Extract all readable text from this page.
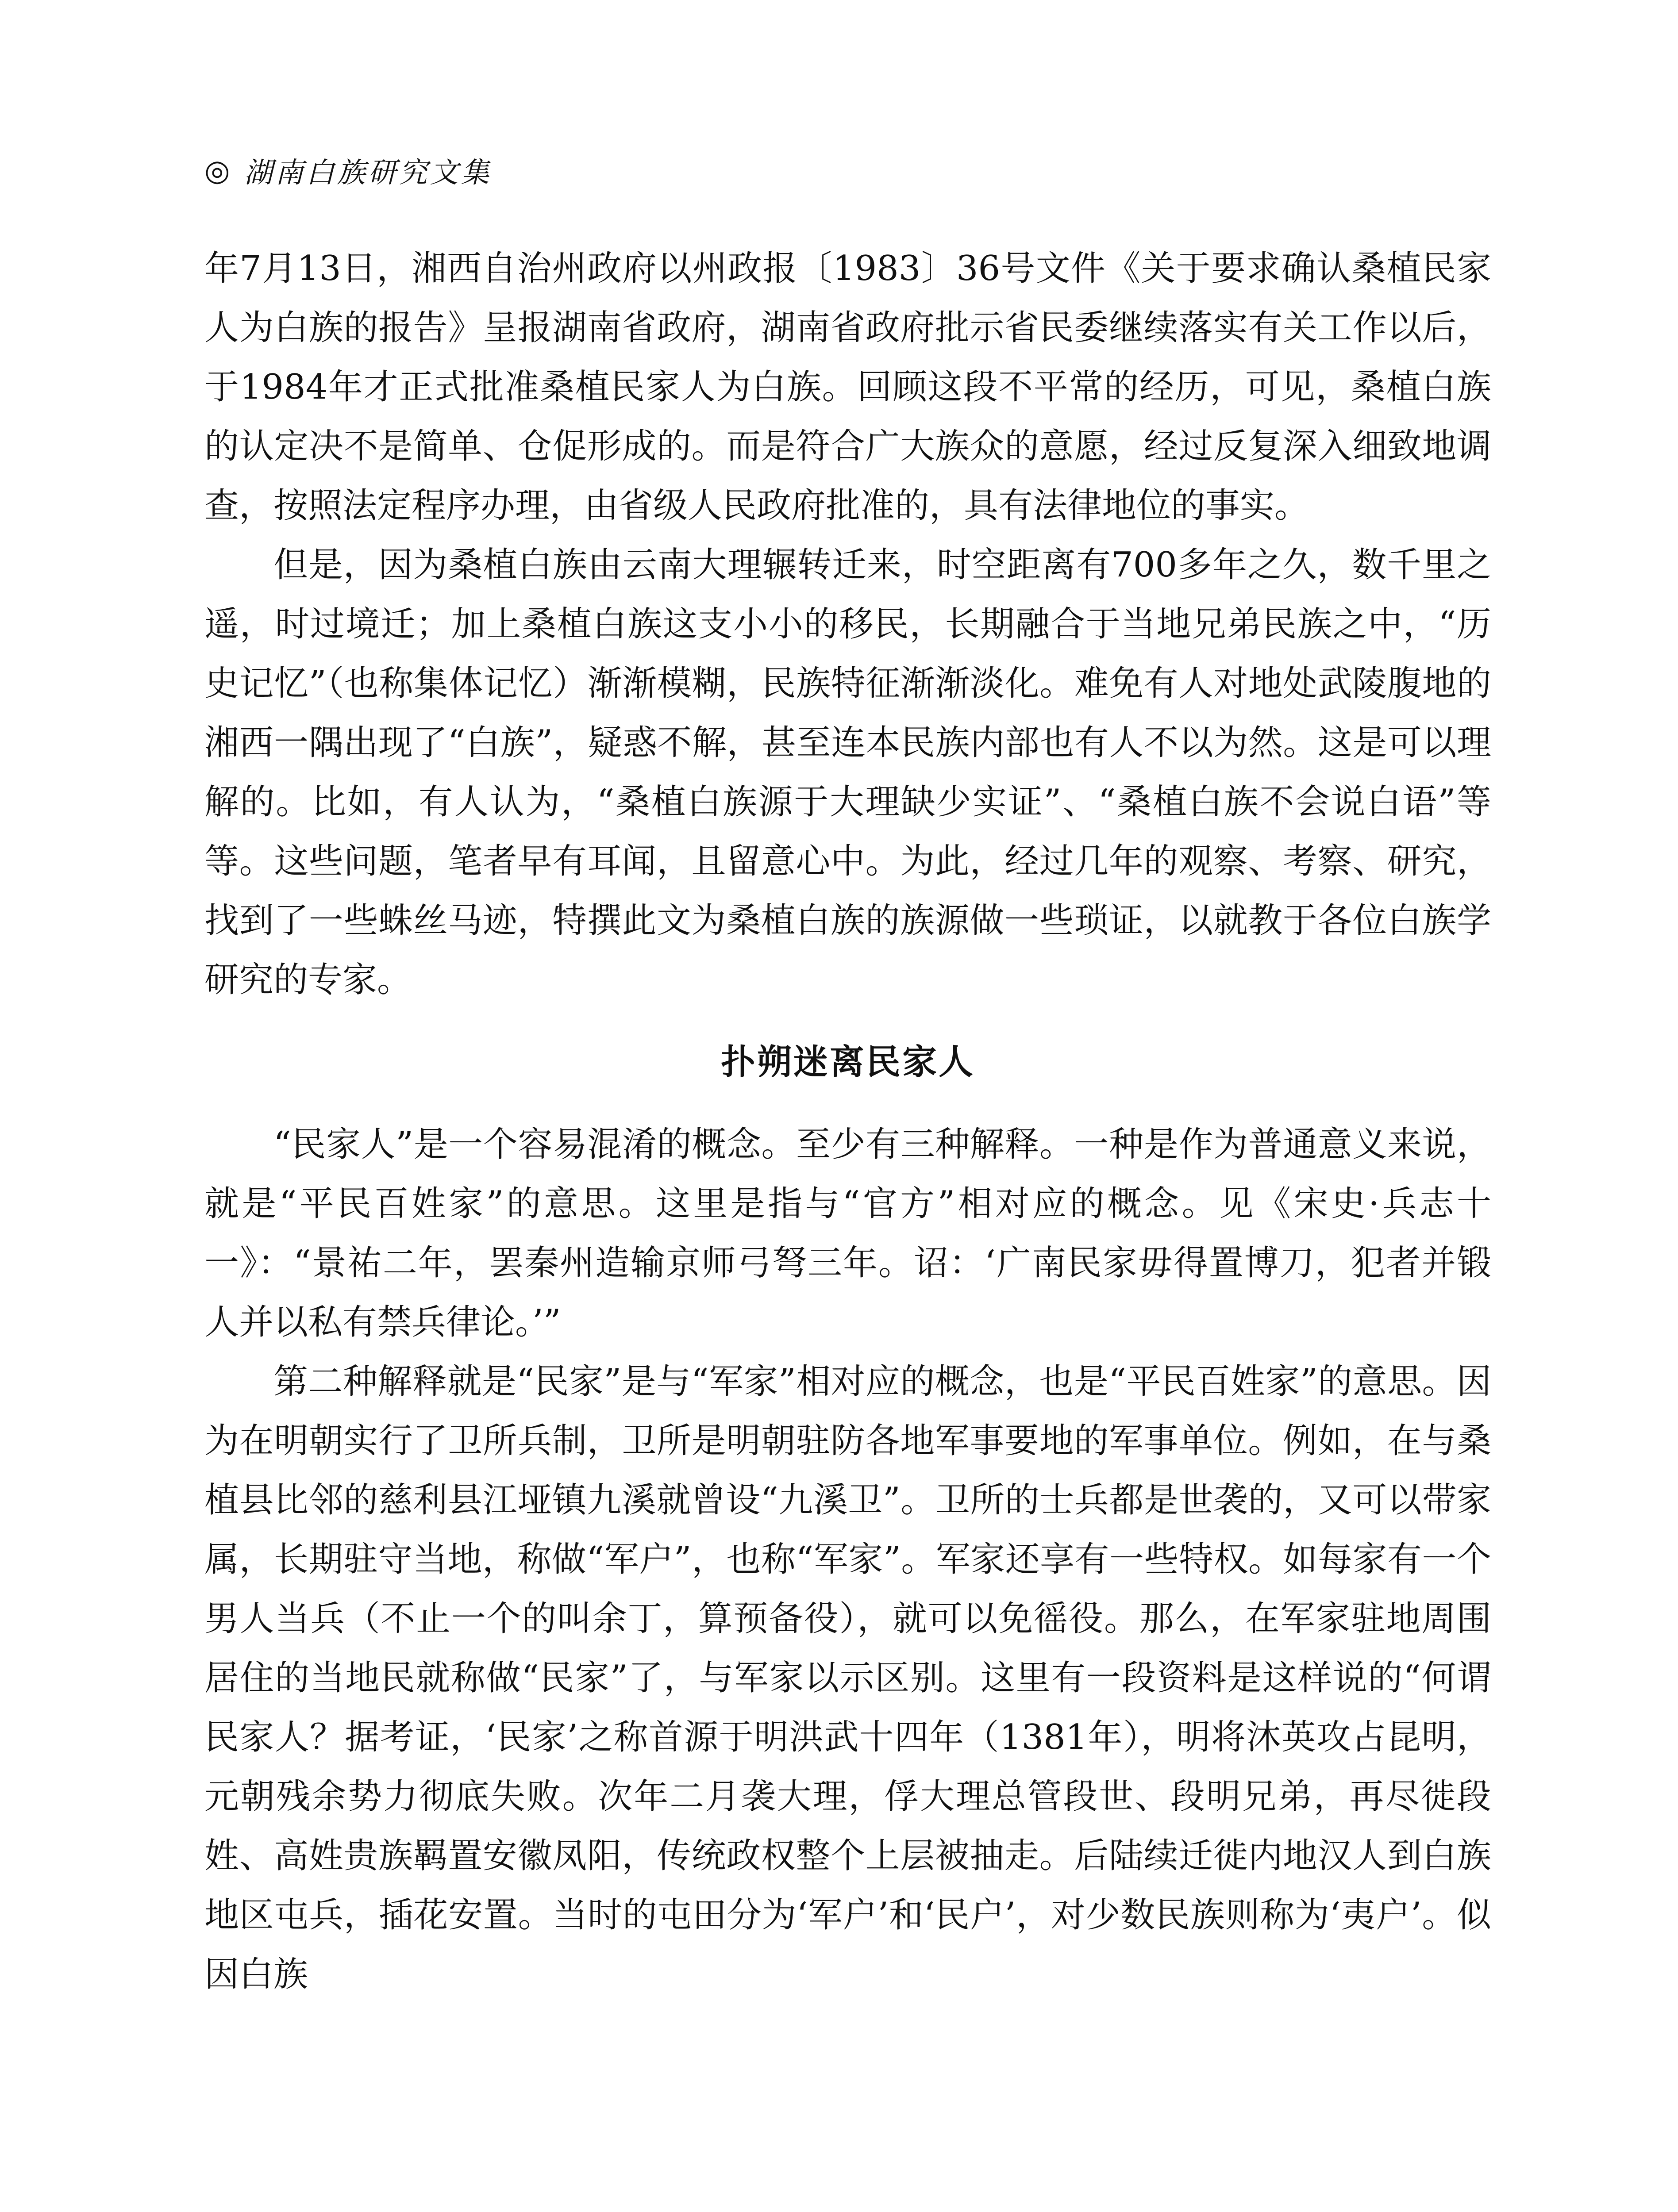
◎ 湖南白族研究文集

年7月13日，湘西自治州政府以州政报〔1983〕36号文件《关于要求确认桑植民家人为白族的报告》呈报湖南省政府，湖南省政府批示省民委继续落实有关工作以后，于1984年才正式批准桑植民家人为白族。回顾这段不平常的经历，可见，桑植白族的认定决不是简单、仓促形成的。而是符合广大族众的意愿，经过反复深入细致地调查，按照法定程序办理，由省级人民政府批准的，具有法律地位的事实。

但是，因为桑植白族由云南大理辗转迁来，时空距离有700多年之久，数千里之遥，时过境迁；加上桑植白族这支小小的移民，长期融合于当地兄弟民族之中，“历史记忆”（也称集体记忆）渐渐模糊，民族特征渐渐淡化。难免有人对地处武陵腹地的湘西一隅出现了“白族”，疑惑不解，甚至连本民族内部也有人不以为然。这是可以理解的。比如，有人认为，“桑植白族源于大理缺少实证”、“桑植白族不会说白语”等等。这些问题，笔者早有耳闻，且留意心中。为此，经过几年的观察、考察、研究，找到了一些蛛丝马迹，特撰此文为桑植白族的族源做一些琐证，以就教于各位白族学研究的专家。

扑朔迷离民家人

“民家人”是一个容易混淆的概念。至少有三种解释。一种是作为普通意义来说，就是“平民百姓家”的意思。这里是指与“官方”相对应的概念。见《宋史·兵志十一》：“景祐二年，罢秦州造输京师弓弩三年。诏：‘广南民家毋得置博刀，犯者并锻人并以私有禁兵律论。’”

第二种解释就是“民家”是与“军家”相对应的概念，也是“平民百姓家”的意思。因为在明朝实行了卫所兵制，卫所是明朝驻防各地军事要地的军事单位。例如，在与桑植县比邻的慈利县江垭镇九溪就曾设“九溪卫”。卫所的士兵都是世袭的，又可以带家属，长期驻守当地，称做“军户”，也称“军家”。军家还享有一些特权。如每家有一个男人当兵（不止一个的叫余丁，算预备役），就可以免徭役。那么，在军家驻地周围居住的当地民就称做“民家”了，与军家以示区别。这里有一段资料是这样说的“何谓民家人？据考证，‘民家’之称首源于明洪武十四年（1381年），明将沐英攻占昆明，元朝残余势力彻底失败。次年二月袭大理，俘大理总管段世、段明兄弟，再尽徙段姓、高姓贵族羁置安徽凤阳，传统政权整个上层被抽走。后陆续迁徙内地汉人到白族地区屯兵，插花安置。当时的屯田分为‘军户’和‘民户’，对少数民族则称为‘夷户’。似因白族
